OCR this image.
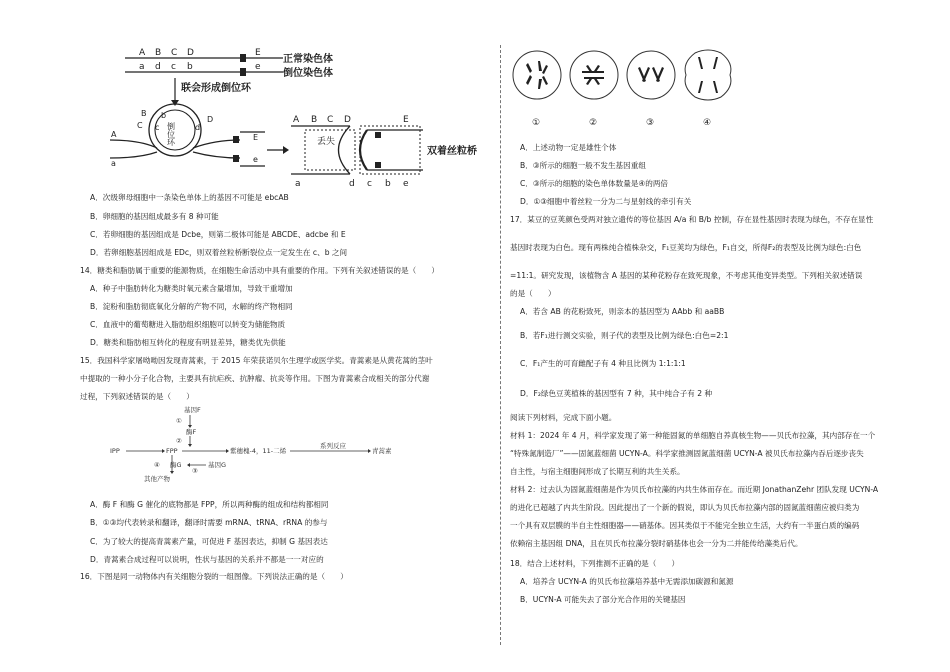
A B C D	E
a d c b	e
正常染色体
倒位染色体
联会形成倒位环
倒位环
A
a
B b
C c
D
d
E
e
A B C D	E
a	d c b e
丢失
双着丝粒桥
A．次级卵母细胞中一条染色单体上的基因不可能是 ebcAB
B．卵细胞的基因组成最多有 8 种可能
C．若卵细胞的基因组成是 Dcbe，则第二极体可能是 ABCDE、adcbe 和 E
D．若卵细胞基因组成是 EDc，则双着丝粒桥断裂位点一定发生在 c、b 之间
14．糖类和脂肪属于重要的能源物质，在细胞生命活动中具有重要的作用。下列有关叙述错误的是（　　）
A．种子中脂肪转化为糖类时氧元素含量增加，导致干重增加
B．淀粉和脂肪彻底氧化分解的产物不同，水解的终产物相同
C．血液中的葡萄糖进入脂肪组织细胞可以转变为储能物质
D．糖类和脂肪相互转化的程度有明显差异，糖类优先供能
15．我国科学家屠呦呦因发现青蒿素，于 2015 年荣获诺贝尔生理学或医学奖。青蒿素是从黄花蒿的茎叶
中提取的一种小分子化合物，主要具有抗疟疾、抗肿瘤、抗炎等作用。下图为青蒿素合成相关的部分代谢
过程，下列叙述错误的是（　　）
基因F
①
酶F
②
IPP	FPP	紫穗槐-4，11-二烯
系列反应
青蒿素
④ 酶G	基因G
③
其他产物
A．酶 F 和酶 G 催化的底物都是 FPP，所以两种酶的组成和结构都相同
B．①③均代表转录和翻译，翻译时需要 mRNA、tRNA、rRNA 的参与
C．为了较大的提高青蒿素产量，可促进 F 基因表达，抑制 G 基因表达
D．青蒿素合成过程可以说明，性状与基因的关系并不都是一一对应的
16．下图是同一动物体内有关细胞分裂的一组图像。下列说法正确的是（　　）
①	②	③	④
A．上述动物一定是雄性个体
B．③所示的细胞一般不发生基因重组
C．③所示的细胞的染色单体数量是④的两倍
D．①③细胞中着丝粒一分为二与星射线的牵引有关
17．某豆的豆荚颜色受两对独立遗传的等位基因 A/a 和 B/b 控制，存在显性基因时表现为绿色，不存在显性
基因时表现为白色。现有两株纯合植株杂交，F₁豆荚均为绿色，F₁自交，所得F₂的表型及比例为绿色:白色
=11:1。研究发现，该植物含 A 基因的某种花粉存在致死现象，不考虑其他变异类型。下列相关叙述错误
的是（　　）
A．若含 AB 的花粉致死，则亲本的基因型为 AAbb 和 aaBB
B．若F₁进行测交实验，则子代的表型及比例为绿色:白色=2:1
C．F₁产生的可育雌配子有 4 种且比例为 1:1:1:1
D．F₂绿色豆荚植株的基因型有 7 种，其中纯合子有 2 种
阅读下列材料，完成下面小题。
材料 1：2024 年 4 月，科学家发现了第一种能固氮的单细胞自养真核生物——贝氏布拉藻，其内部存在一个
“特殊氮制造厂”——固氮蓝细菌 UCYN-A。科学家推测固氮蓝细菌 UCYN-A 被贝氏布拉藻内吞后逐步丧失
自主性，与宿主细胞间形成了长期互利的共生关系。
材料 2：过去认为固氮蓝细菌是作为贝氏布拉藻的内共生体而存在。而近期 JonathanZehr 团队发现 UCYN-A
的进化已超越了内共生阶段。因此提出了一个新的假说，即认为贝氏布拉藻内部的固氮蓝细菌应被归类为
一个具有双层膜的半自主性细胞器——硝基体。因其类似于不能完全独立生活，大约有一半蛋白质的编码
依赖宿主基因组 DNA，且在贝氏布拉藻分裂时硝基体也会一分为二并能传给藻类后代。
18．结合上述材料，下列推测不正确的是（　　）
A．培养含 UCYN-A 的贝氏布拉藻培养基中无需添加碳源和氮源
B．UCYN-A 可能失去了部分光合作用的关键基因
